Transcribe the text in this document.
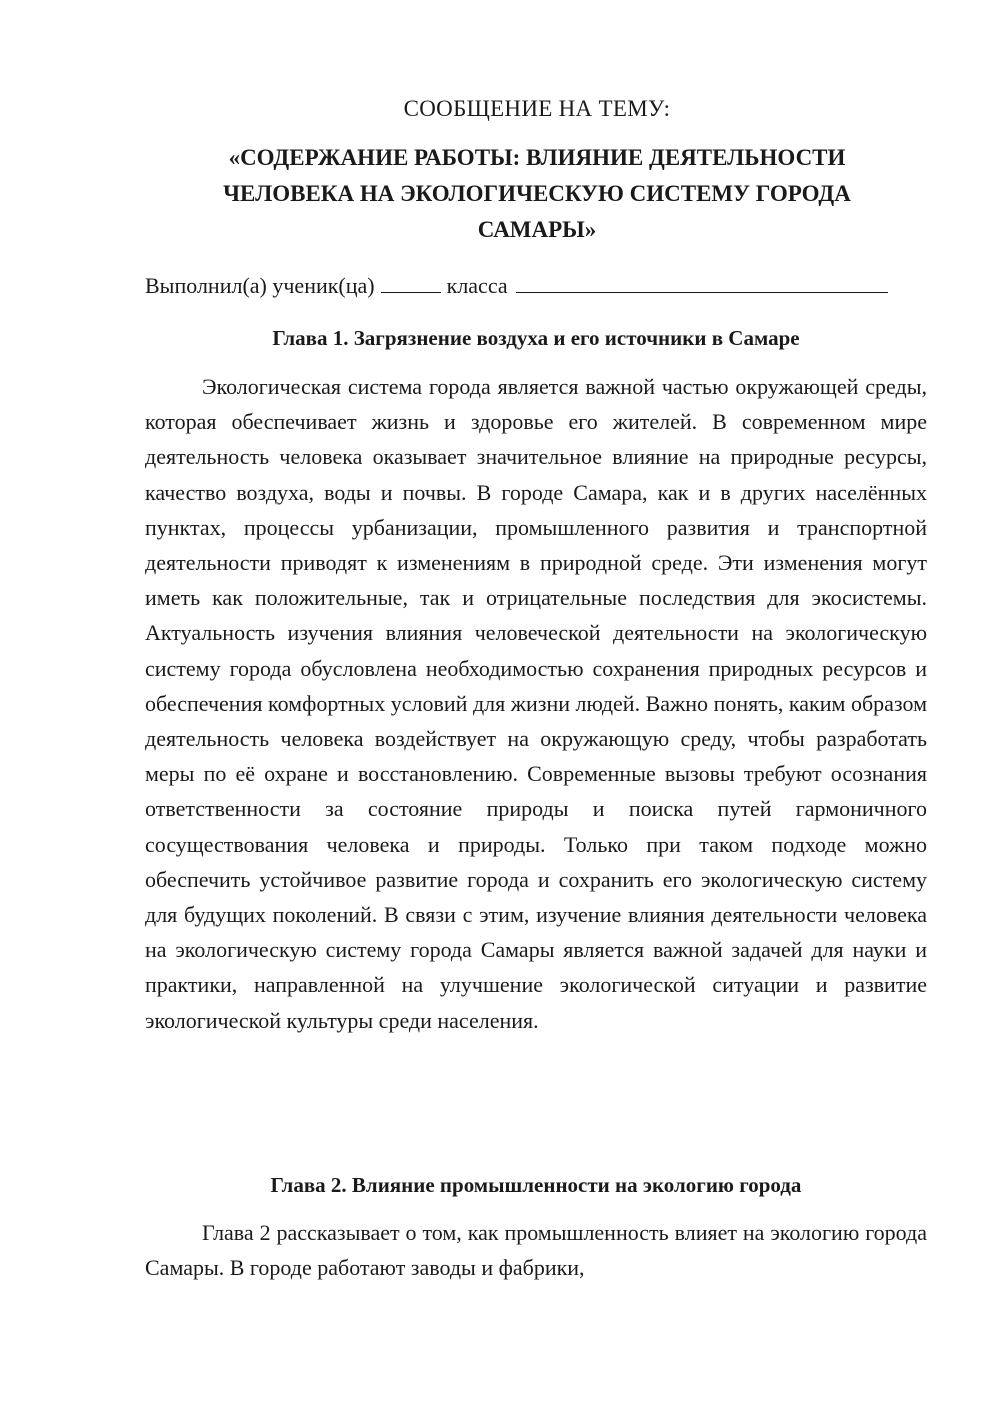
СООБЩЕНИЕ НА ТЕМУ:
«СОДЕРЖАНИЕ РАБОТЫ: ВЛИЯНИЕ ДЕЯТЕЛЬНОСТИ ЧЕЛОВЕКА НА ЭКОЛОГИЧЕСКУЮ СИСТЕМУ ГОРОДА САМАРЫ»
Выполнил(а) ученик(ца)	класса
Глава 1. Загрязнение воздуха и его источники в Самаре

Экологическая система города является важной частью окружающей среды, которая обеспечивает жизнь и здоровье его жителей. В современном мире деятельность человека оказывает значительное влияние на природные ресурсы, качество воздуха, воды и почвы. В городе Самара, как и в других населённых пунктах, процессы урбанизации, промышленного развития и транспортной деятельности приводят к изменениям в природной среде. Эти изменения могут иметь как положительные, так и отрицательные последствия для экосистемы. Актуальность изучения влияния человеческой деятельности на экологическую систему города обусловлена необходимостью сохранения природных ресурсов и обеспечения комфортных условий для жизни людей. Важно понять, каким образом деятельность человека воздействует на окружающую среду, чтобы разработать меры по её охране и восстановлению. Современные вызовы требуют осознания ответственности за состояние природы и поиска путей гармоничного сосуществования человека и природы. Только при таком подходе можно обеспечить устойчивое развитие города и сохранить его экологическую систему для будущих поколений. В связи с этим, изучение влияния деятельности человека на экологическую систему города Самары является важной задачей для науки и практики, направленной на улучшение экологической ситуации и развитие экологической культуры среди населения.

Глава 2. Влияние промышленности на экологию города

Глава 2 рассказывает о том, как промышленность влияет на экологию города Самары. В городе работают заводы и фабрики,
